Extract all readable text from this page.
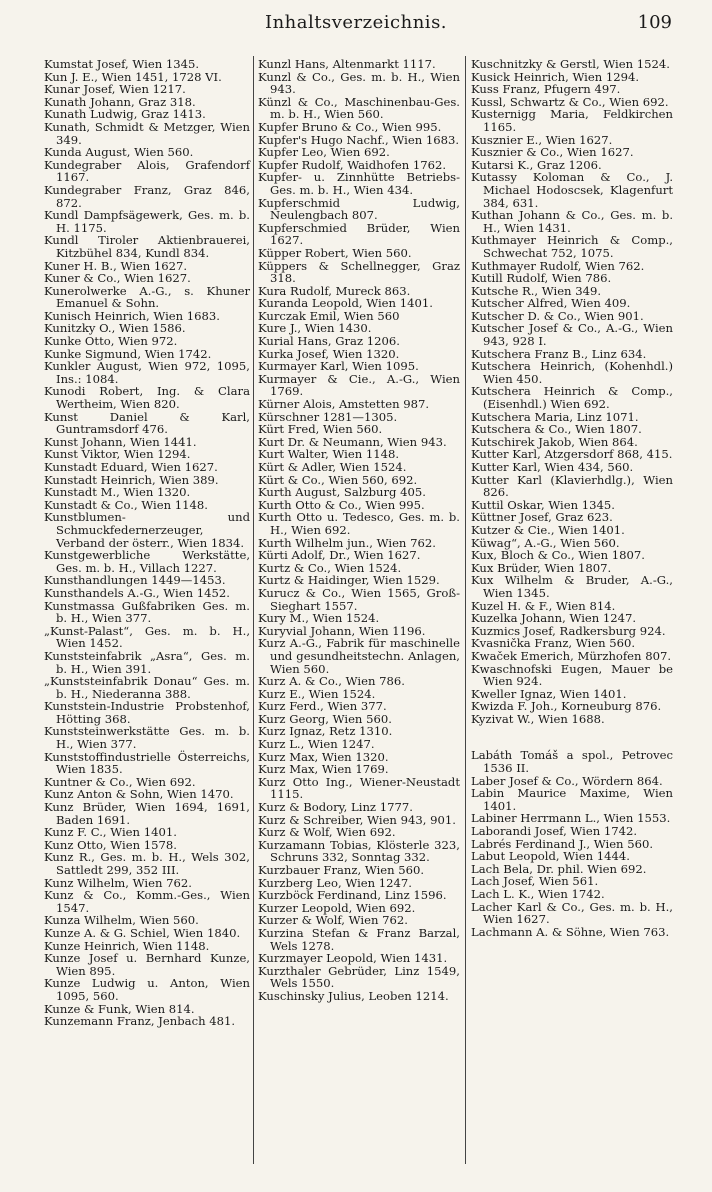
Inhaltsverzeichnis.	109
Kumstat Josef, Wien 1345.
Kun J. E., Wien 1451, 1728 VI.
Kunar Josef, Wien 1217.
Kunath Johann, Graz 318.
Kunath Ludwig, Graz 1413.
Kunath, Schmidt & Metzger, Wien 349.
Kunda August, Wien 560.
Kundegraber Alois, Grafendorf 1167.
Kundegraber Franz, Graz 846, 872.
Kundl Dampfsägewerk, Ges. m. b. H. 1175.
Kundl Tiroler Aktienbrauerei, Kitzbühel 834, Kundl 834.
Kuner H. B., Wien 1627.
Kuner & Co., Wien 1627.
Kunerolwerke A.-G., s. Khuner Emanuel & Sohn.
Kunisch Heinrich, Wien 1683.
Kunitzky O., Wien 1586.
Kunke Otto, Wien 972.
Kunke Sigmund, Wien 1742.
Kunkler August, Wien 972, 1095, Ins.: 1084.
Kunodi Robert, Ing. & Clara Wertheim, Wien 820.
Kunst Daniel & Karl, Guntramsdorf 476.
Kunst Johann, Wien 1441.
Kunst Viktor, Wien 1294.
Kunstadt Eduard, Wien 1627.
Kunstadt Heinrich, Wien 389.
Kunstadt M., Wien 1320.
Kunstadt & Co., Wien 1148.
Kunstblumen- und Schmuckfedernerzeuger, Verband der österr., Wien 1834.
Kunstgewerbliche Werkstätte, Ges. m. b. H., Villach 1227.
Kunsthandlungen 1449—1453.
Kunsthandels A.-G., Wien 1452.
Kunstmassa Gußfabriken Ges. m. b. H., Wien 377.
„Kunst-Palast“, Ges. m. b. H., Wien 1452.
Kunststeinfabrik „Asra“, Ges. m. b. H., Wien 391.
„Kunststeinfabrik Donau“ Ges. m. b. H., Niederanna 388.
Kunststein-Industrie Probstenhof, Hötting 368.
Kunststeinwerkstätte Ges. m. b. H., Wien 377.
Kunststoffindustrielle Österreichs, Wien 1835.
Kuntner & Co., Wien 692.
Kunz Anton & Sohn, Wien 1470.
Kunz Brüder, Wien 1694, 1691, Baden 1691.
Kunz F. C., Wien 1401.
Kunz Otto, Wien 1578.
Kunz R., Ges. m. b. H., Wels 302, Sattledt 299, 352 III.
Kunz Wilhelm, Wien 762.
Kunz & Co., Komm.-Ges., Wien 1547.
Kunza Wilhelm, Wien 560.
Kunze A. & G. Schiel, Wien 1840.
Kunze Heinrich, Wien 1148.
Kunze Josef u. Bernhard Kunze, Wien 895.
Kunze Ludwig u. Anton, Wien 1095, 560.
Kunze & Funk, Wien 814.
Kunzemann Franz, Jenbach 481.
Kunzl Hans, Altenmarkt 1117.
Kunzl & Co., Ges. m. b. H., Wien 943.
Künzl & Co., Maschinenbau-Ges. m. b. H., Wien 560.
Kupfer Bruno & Co., Wien 995.
Kupfer's Hugo Nachf., Wien 1683.
Kupfer Leo, Wien 692.
Kupfer Rudolf, Waidhofen 1762.
Kupfer- u. Zinnhütte Betriebs-Ges. m. b. H., Wien 434.
Kupferschmid Ludwig, Neulengbach 807.
Kupferschmied Brüder, Wien 1627.
Küpper Robert, Wien 560.
Küppers & Schellnegger, Graz 318.
Kura Rudolf, Mureck 863.
Kuranda Leopold, Wien 1401.
Kurczak Emil, Wien 560
Kure J., Wien 1430.
Kurial Hans, Graz 1206.
Kurka Josef, Wien 1320.
Kurmayer Karl, Wien 1095.
Kurmayer & Cie., A.-G., Wien 1769.
Kürner Alois, Amstetten 987.
Kürschner 1281—1305.
Kürt Fred, Wien 560.
Kurt Dr. & Neumann, Wien 943.
Kurt Walter, Wien 1148.
Kürt & Adler, Wien 1524.
Kürt & Co., Wien 560, 692.
Kurth August, Salzburg 405.
Kurth Otto & Co., Wien 995.
Kurth Otto u. Tedesco, Ges. m. b. H., Wien 692.
Kurth Wilhelm jun., Wien 762.
Kürti Adolf, Dr., Wien 1627.
Kurtz & Co., Wien 1524.
Kurtz & Haidinger, Wien 1529.
Kurucz & Co., Wien 1565, Groß-Sieghart 1557.
Kury M., Wien 1524.
Kuryvial Johann, Wien 1196.
Kurz A.-G., Fabrik für maschinelle und gesundheitstechn. Anlagen, Wien 560.
Kurz A. & Co., Wien 786.
Kurz E., Wien 1524.
Kurz Ferd., Wien 377.
Kurz Georg, Wien 560.
Kurz Ignaz, Retz 1310.
Kurz L., Wien 1247.
Kurz Max, Wien 1320.
Kurz Max, Wien 1769.
Kurz Otto Ing., Wiener-Neustadt 1115.
Kurz & Bodory, Linz 1777.
Kurz & Schreiber, Wien 943, 901.
Kurz & Wolf, Wien 692.
Kurzamann Tobias, Klösterle 323, Schruns 332, Sonntag 332.
Kurzbauer Franz, Wien 560.
Kurzberg Leo, Wien 1247.
Kurzböck Ferdinand, Linz 1596.
Kurzer Leopold, Wien 692.
Kurzer & Wolf, Wien 762.
Kurzina Stefan & Franz Barzal, Wels 1278.
Kurzmayer Leopold, Wien 1431.
Kurzthaler Gebrüder, Linz 1549, Wels 1550.
Kuschinsky Julius, Leoben 1214.
Kuschnitzky & Gerstl, Wien 1524.
Kusick Heinrich, Wien 1294.
Kuss Franz, Pfugern 497.
Kussl, Schwartz & Co., Wien 692.
Kusternigg Maria, Feldkirchen 1165.
Kusznier E., Wien 1627.
Kusznier & Co., Wien 1627.
Kutarsi K., Graz 1206.
Kutassy Koloman & Co., J. Michael Hodoscsek, Klagenfurt 384, 631.
Kuthan Johann & Co., Ges. m. b. H., Wien 1431.
Kuthmayer Heinrich & Comp., Schwechat 752, 1075.
Kuthmayer Rudolf, Wien 762.
Kutill Rudolf, Wien 786.
Kutsche R., Wien 349.
Kutscher Alfred, Wien 409.
Kutscher D. & Co., Wien 901.
Kutscher Josef & Co., A.-G., Wien 943, 928 I.
Kutschera Franz B., Linz 634.
Kutschera Heinrich, (Kohenhdl.) Wien 450.
Kutschera Heinrich & Comp., (Eisenhdl.) Wien 692.
Kutschera Maria, Linz 1071.
Kutschera & Co., Wien 1807.
Kutschirek Jakob, Wien 864.
Kutter Karl, Atzgersdorf 868, 415.
Kutter Karl, Wien 434, 560.
Kutter Karl (Klavierhdlg.), Wien 826.
Kuttil Oskar, Wien 1345.
Küttner Josef, Graz 623.
Kutzer & Cie., Wien 1401.
Küwag“, A.-G., Wien 560.
Kux, Bloch & Co., Wien 1807.
Kux Brüder, Wien 1807.
Kux Wilhelm & Bruder, A.-G., Wien 1345.
Kuzel H. & F., Wien 814.
Kuzelka Johann, Wien 1247.
Kuzmics Josef, Radkersburg 924.
Kvasnička Franz, Wien 560.
Kwaček Emerich, Mürzhofen 807.
Kwaschnofski Eugen, Mauer be Wien 924.
Kweller Ignaz, Wien 1401.
Kwizda F. Joh., Korneuburg 876.
Kyzivat W., Wien 1688.
Labáth Tomáš a spol., Petrovec 1536 II.
Laber Josef & Co., Wördern 864.
Labin Maurice Maxime, Wien 1401.
Labiner Herrmann L., Wien 1553.
Laborandi Josef, Wien 1742.
Labrés Ferdinand J., Wien 560.
Labut Leopold, Wien 1444.
Lach Bela, Dr. phil. Wien 692.
Lach Josef, Wien 561.
Lach L. K., Wien 1742.
Lacher Karl & Co., Ges. m. b. H., Wien 1627.
Lachmann A. & Söhne, Wien 763.
